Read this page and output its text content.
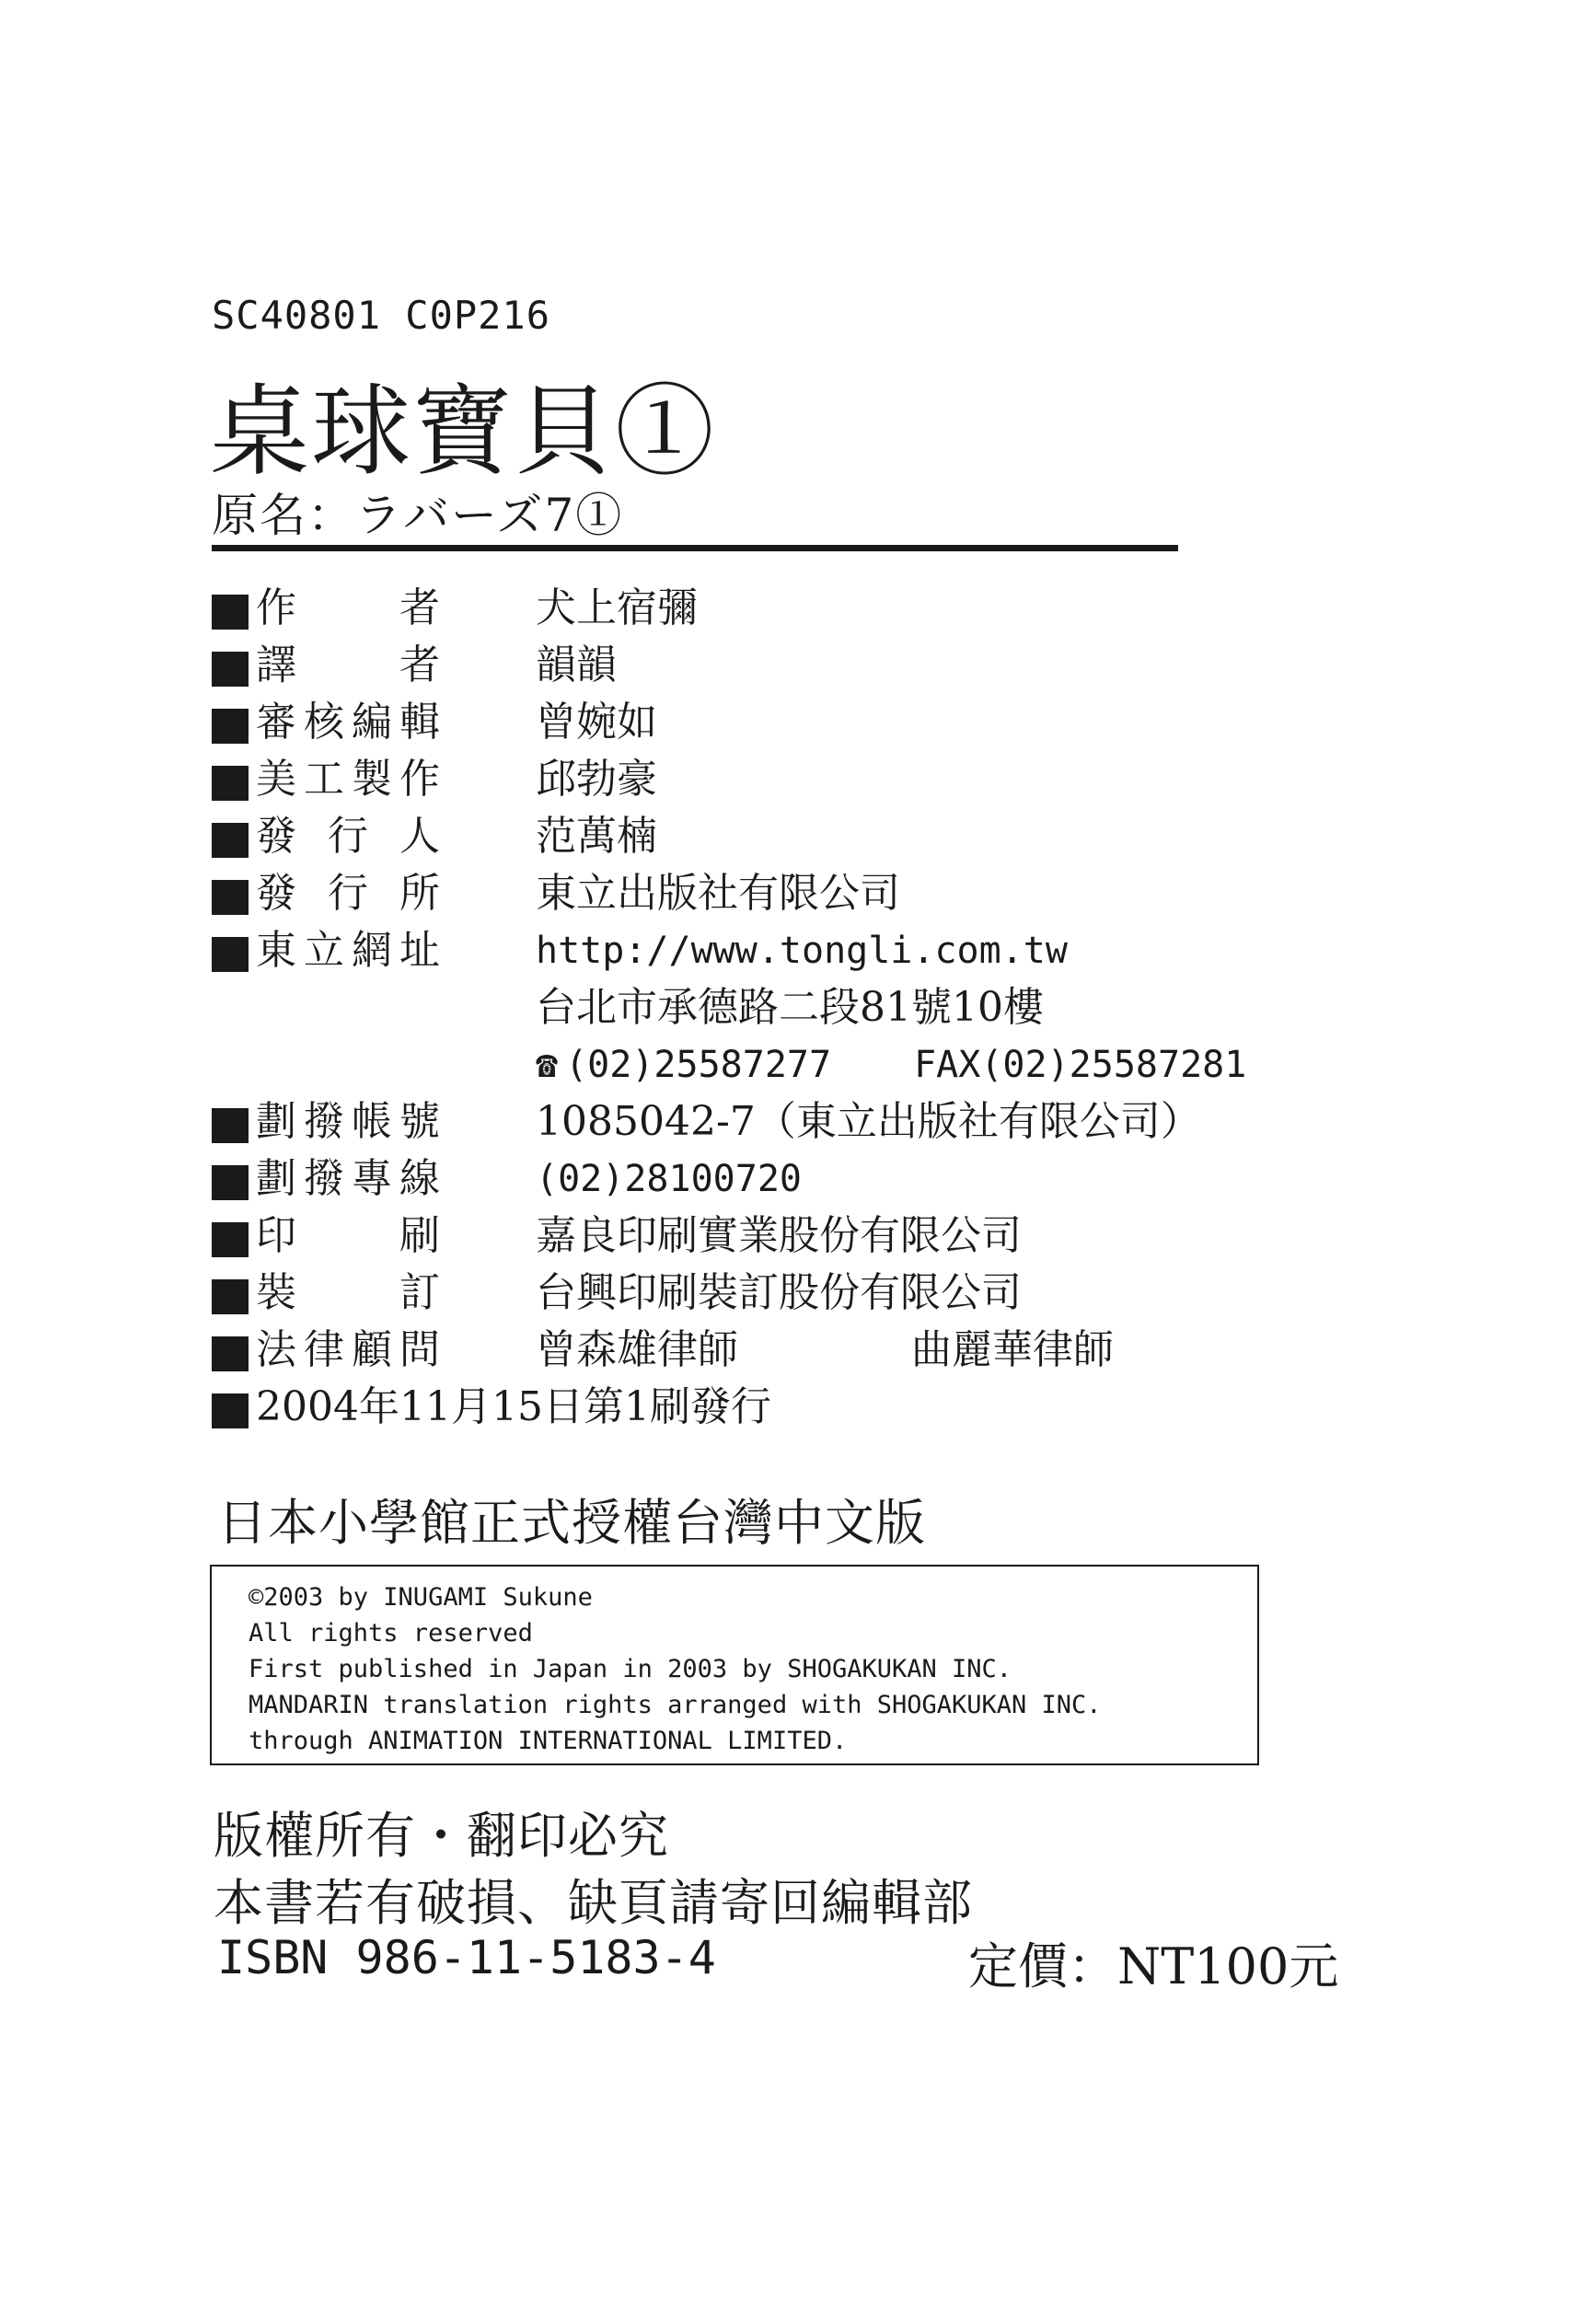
SC40801 C0P216
桌球寶貝①
原名：ラバーズ7①
作　　者 犬上宿彌
譯　　者 韻韻
審核編輯 曾婉如
美工製作 邱勃豪
發 行 人 范萬楠
發 行 所 東立出版社有限公司
東立網址	http://www.tongli.com.tw
台北市承德路二段81號10樓
☎ (02)25587277 FAX(02)25587281
劃撥帳號 1085042-7（東立出版社有限公司）
劃撥專線	(02)28100720
印　　刷 嘉良印刷實業股份有限公司
裝　　訂 台興印刷裝訂股份有限公司
法律顧問 曾森雄律師	曲麗華律師
2004年11月15日第1刷發行
日本小學館正式授權台灣中文版
©2003 by INUGAMI Sukune
All rights reserved
First published in Japan in 2003 by SHOGAKUKAN INC.
MANDARIN translation rights arranged with SHOGAKUKAN INC.
through ANIMATION INTERNATIONAL LIMITED.
版權所有・翻印必究
本書若有破損、缺頁請寄回編輯部
ISBN 986-11-5183-4	定價：NT100元
